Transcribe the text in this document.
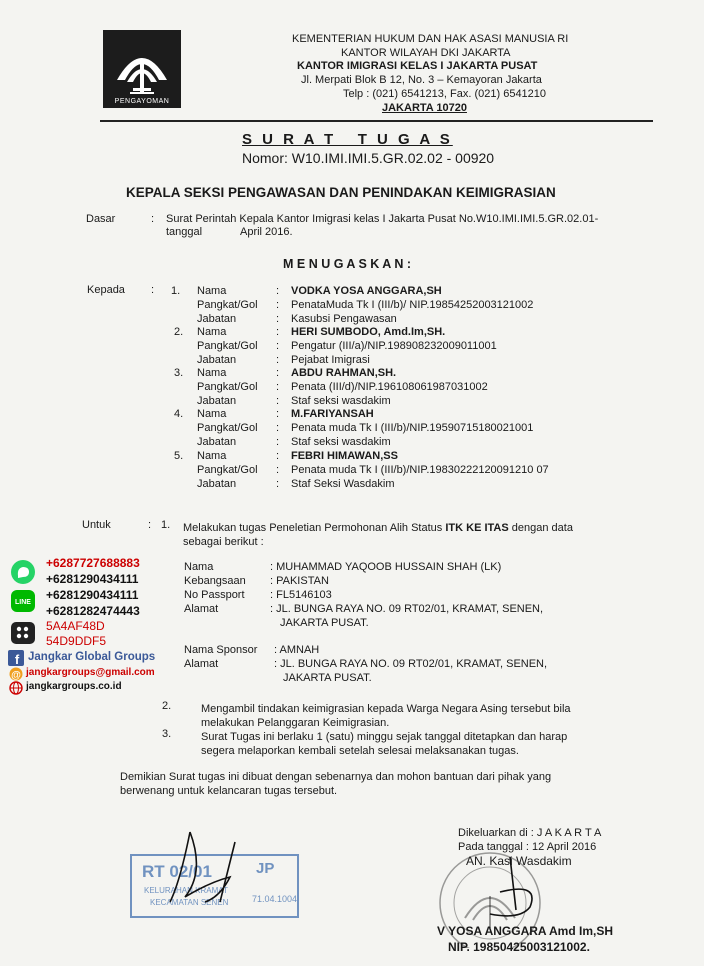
PENGAYOMAN
KEMENTERIAN HUKUM DAN HAK ASASI MANUSIA RI
KANTOR WILAYAH DKI JAKARTA
KANTOR IMIGRASI KELAS I JAKARTA PUSAT
Jl. Merpati Blok B 12, No. 3 – Kemayoran Jakarta
Telp : (021) 6541213, Fax. (021) 6541210
JAKARTA 10720
S U R A T   T U G A S
Nomor: W10.IMI.IMI.5.GR.02.02 - 00920
KEPALA SEKSI PENGAWASAN DAN PENINDAKAN KEIMIGRASIAN
Dasar	: Surat Perintah Kepala Kantor Imigrasi kelas I Jakarta Pusat No.W10.IMI.IMI.5.GR.02.01-
tanggal	April 2016.
M E N U G A S K A N :
Kepada : 1. Nama	: VODKA YOSA ANGGARA,SH
Pangkat/Gol : PenataMuda Tk I (III/b)/ NIP.19854252003121002
Jabatan	: Kasubsi Pengawasan
2. Nama	: HERI SUMBODO, Amd.Im,SH.
Pangkat/Gol : Pengatur (III/a)/NIP.198908232009011001
Jabatan	: Pejabat Imigrasi
3. Nama	: ABDU RAHMAN,SH.
Pangkat/Gol : Penata (III/d)/NIP.196108061987031002
Jabatan	: Staf seksi wasdakim
4. Nama	: M.FARIYANSAH
Pangkat/Gol : Penata muda Tk I (III/b)/NIP.19590715180021001
Jabatan	: Staf seksi wasdakim
5. Nama	: FEBRI HIMAWAN,SS
Pangkat/Gol : Penata muda Tk I (III/b)/NIP.19830222120091210 07
Jabatan	: Staf Seksi Wasdakim
Untuk	: 1. Melakukan tugas Peneletian Permohonan Alih Status ITK KE ITAS dengan data
sebagai berikut :
Nama	: MUHAMMAD YAQOOB HUSSAIN SHAH (LK)
Kebangsaan : PAKISTAN
No Passport : FL5146103
Alamat	: JL. BUNGA RAYA NO. 09 RT02/01, KRAMAT, SENEN,
JAKARTA PUSAT.
Nama Sponsor : AMNAH
Alamat	: JL. BUNGA RAYA NO. 09 RT02/01, KRAMAT, SENEN,
JAKARTA PUSAT.
2.	Mengambil tindakan keimigrasian kepada Warga Negara Asing tersebut bila
melakukan Pelanggaran Keimigrasian.
3.	Surat Tugas ini berlaku 1 (satu) minggu sejak tanggal ditetapkan dan harap
segera melaporkan kembali setelah selesai melaksanakan tugas.
Demikian Surat tugas ini dibuat dengan sebenarnya dan mohon bantuan dari pihak yang
berwenang untuk kelancaran tugas tersebut.
Dikeluarkan di : J A K A R T A
Pada tanggal : 12 April 2016
AN. Kasi Wasdakim
V YOSA ANGGARA Amd Im,SH
NIP. 19850425003121002.
RT 02/01	JP
KELURAHAN KRAMAT
KECAMATAN SENEN	71.04.1004
+6287727688883
+6281290434111
LINE
+6281290434111
+6281282474443
5A4AF48D
54D9DDF5
f Jangkar Global Groups
@ jangkargroups@gmail.com
jangkargroups.co.id
